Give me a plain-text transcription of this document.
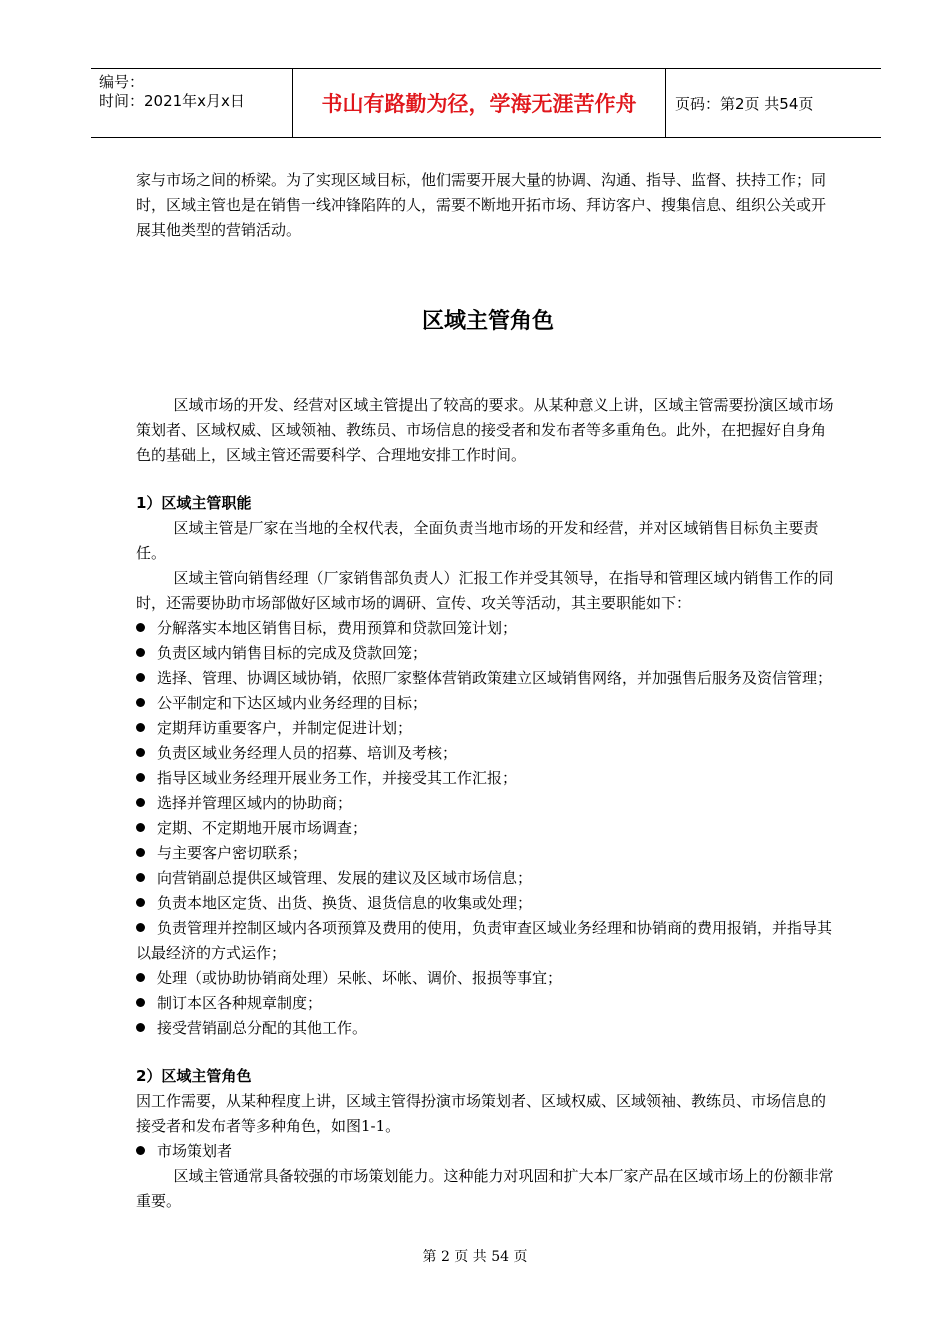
编号：
时间：2021年x月x日	书山有路勤为径，学海无涯苦作舟	页码：第2页 共54页

家与市场之间的桥梁。为了实现区域目标，他们需要开展大量的协调、沟通、指导、监督、扶持工作；同时，区域主管也是在销售一线冲锋陷阵的人，需要不断地开拓市场、拜访客户、搜集信息、组织公关或开展其他类型的营销活动。

区域主管角色

区域市场的开发、经营对区域主管提出了较高的要求。从某种意义上讲，区域主管需要扮演区域市场策划者、区域权威、区域领袖、教练员、市场信息的接受者和发布者等多重角色。此外，在把握好自身角色的基础上，区域主管还需要科学、合理地安排工作时间。

1）区域主管职能

区域主管是厂家在当地的全权代表，全面负责当地市场的开发和经营，并对区域销售目标负主要责任。

区域主管向销售经理（厂家销售部负责人）汇报工作并受其领导，在指导和管理区域内销售工作的同时，还需要协助市场部做好区域市场的调研、宣传、攻关等活动，其主要职能如下：

分解落实本地区销售目标，费用预算和贷款回笼计划；

负责区域内销售目标的完成及贷款回笼；

选择、管理、协调区域协销，依照厂家整体营销政策建立区域销售网络，并加强售后服务及资信管理；

公平制定和下达区域内业务经理的目标；

定期拜访重要客户，并制定促进计划；

负责区域业务经理人员的招募、培训及考核；

指导区域业务经理开展业务工作，并接受其工作汇报；

选择并管理区域内的协助商；

定期、不定期地开展市场调查；

与主要客户密切联系；

向营销副总提供区域管理、发展的建议及区域市场信息；

负责本地区定货、出货、换货、退货信息的收集或处理；

负责管理并控制区域内各项预算及费用的使用，负责审查区域业务经理和协销商的费用报销，并指导其以最经济的方式运作；

处理（或协助协销商处理）呆帐、坏帐、调价、报损等事宜；

制订本区各种规章制度；

接受营销副总分配的其他工作。

2）区域主管角色

因工作需要，从某种程度上讲，区域主管得扮演市场策划者、区域权威、区域领袖、教练员、市场信息的接受者和发布者等多种角色，如图1-1。

市场策划者

区域主管通常具备较强的市场策划能力。这种能力对巩固和扩大本厂家产品在区域市场上的份额非常重要。

第 2 页 共 54 页
